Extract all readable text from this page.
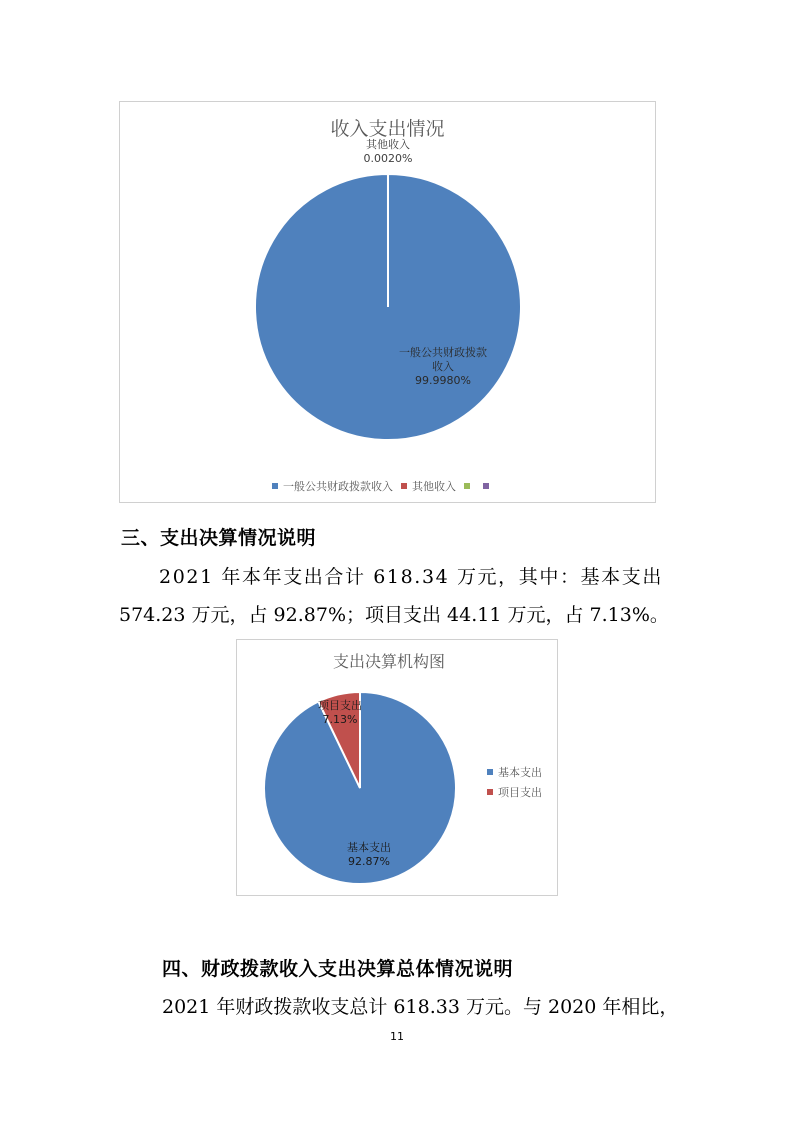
收入支出情况
其他收入
0.0020%
一般公共财政拨款
收入
99.9980%
一般公共财政拨款收入 其他收入
三、支出决算情况说明
2021 年本年支出合计 618.34 万元，其中：基本支出
574.23 万元，占 92.87%；项目支出 44.11 万元，占 7.13%。
支出决算机构图
项目支出
7.13%
基本支出
92.87%
基本支出
项目支出
四、财政拨款收入支出决算总体情况说明
2021 年财政拨款收支总计 618.33 万元。与 2020 年相比，
11
